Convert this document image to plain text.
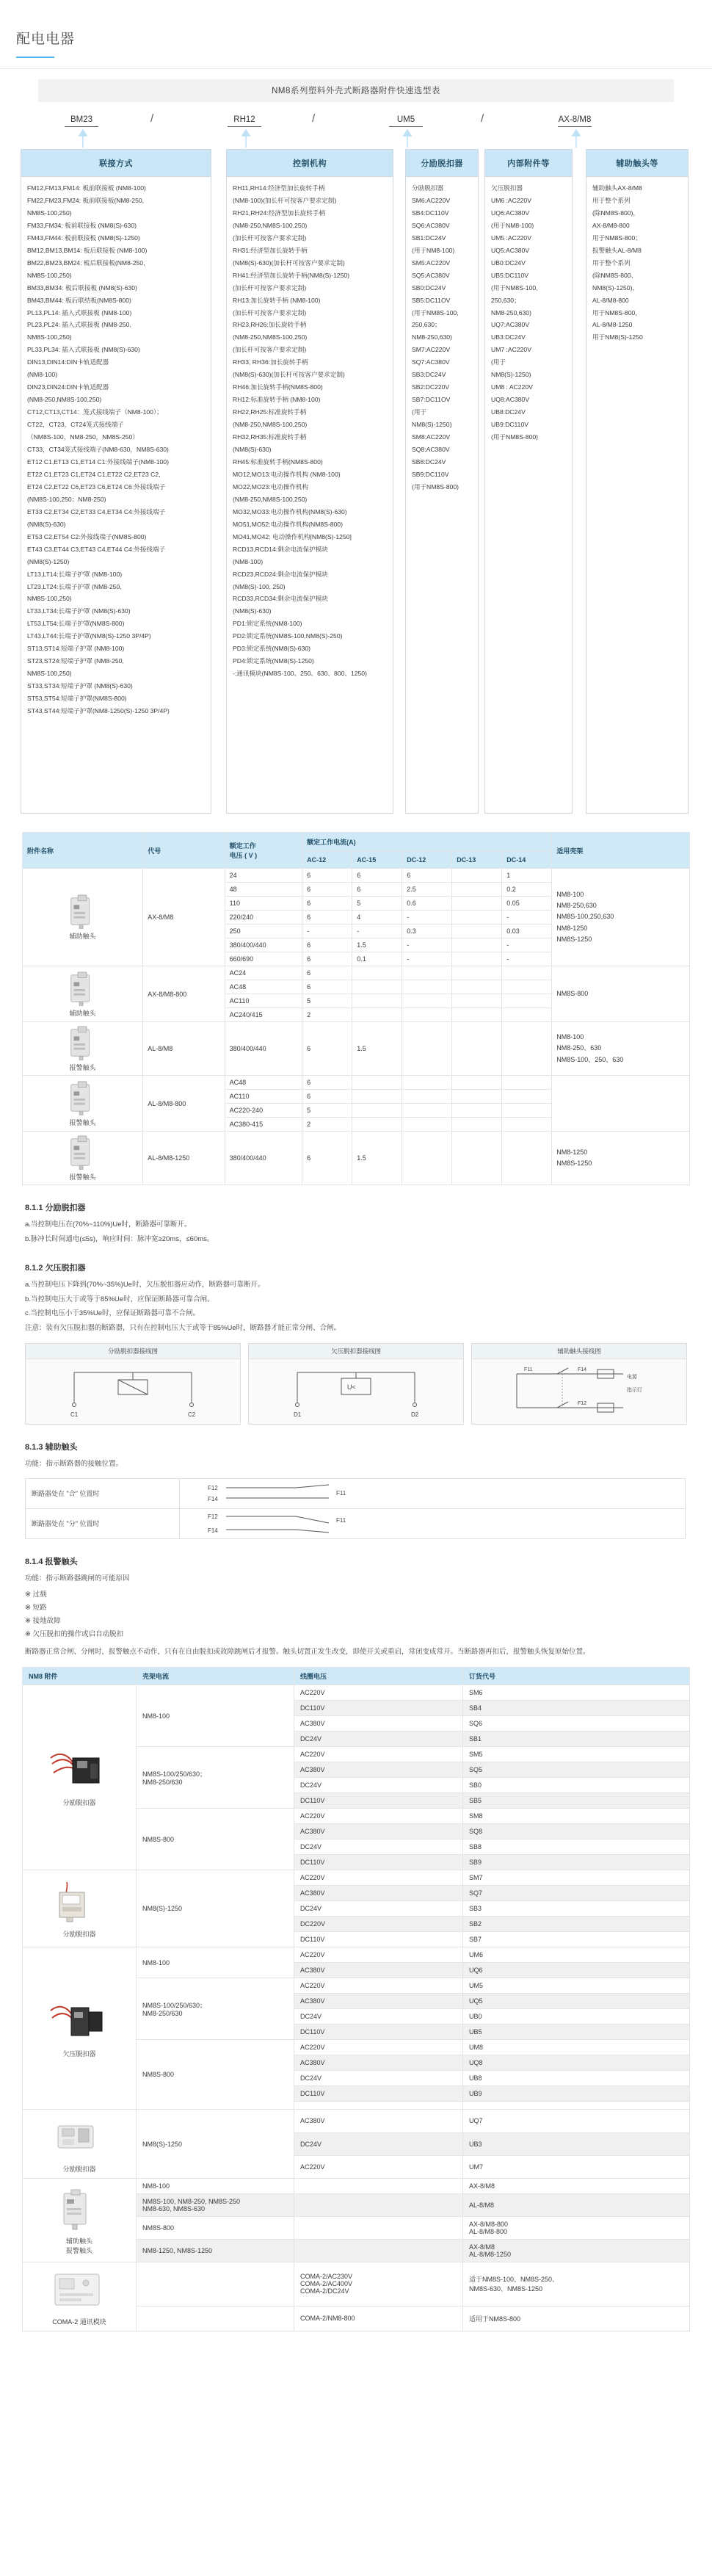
配电电器
NM8系列塑料外壳式断路器附件快速选型表
BM23	RH12	UM5	AX-8/M8
/	/	/
联接方式

FM12,FM13,FM14: 板前联接板 (NM8-100)

FM22,FM23,FM24: 板前联接板(NM8-250,

NM8S-100,250)

FM33,FM34: 板前联接板 (NM8(S)-630)

FM43,FM44: 板前联接板 (NM8(S)-1250)

BM12,BM13,BM14: 板后联接板 (NM8-100)

BM22,BM23,BM24: 板后联接板(NM8-250,

NM8S-100,250)

BM33,BM34: 板后联接板 (NM8(S)-630)

BM43,BM44: 板后联结板(NM8S-800)

PL13,PL14: 插入式联接板 (NM8-100)

PL23,PL24: 插入式联接板 (NM8-250,

NM8S-100,250)

PL33,PL34: 插入式联接板 (NM8(S)-630)

DIN13,DIN14:DIN卡轨适配器

(NM8-100)

DIN23,DIN24:DIN卡轨适配器

(NM8-250,NM8S-100,250)

CT12,CT13,CT14：笼式接线端子（NM8-100）；

CT22，CT23，CT24笼式接线端子

（NM8S-100，NM8-250，NM8S-250）

CT33，CT34笼式接线端子(NM8-630，NM8S-630)

ET12 C1,ET13 C1,ET14 C1:外接线端子(NM8-100)

ET22 C1,ET23 C1,ET24 C1,ET22 C2,ET23 C2,

ET24 C2,ET22 C6,ET23 C6,ET24 C6:外接线端子

(NM8S-100,250；NM8-250)

ET33 C2,ET34 C2,ET33 C4,ET34 C4:外接线端子

(NM8(S)-630)

ET53 C2,ET54 C2:外接线端子(NM8S-800)

ET43 C3,ET44 C3,ET43 C4,ET44 C4:外接线端子

(NM8(S)-1250)

LT13,LT14:长端子护罩 (NM8-100)

LT23,LT24:长端子护罩 (NM8-250,

NM8S-100,250)

LT33,LT34:长端子护罩 (NM8(S)-630)

LT53,LT54:长端子护罩(NM8S-800)

LT43,LT44:长端子护罩(NM8(S)-1250 3P/4P)

ST13,ST14:短端子护罩 (NM8-100)

ST23,ST24:短端子护罩 (NM8-250,

NM8S-100,250)

ST33,ST34:短端子护罩 (NM8(S)-630)

ST53,ST54:短端子护罩(NM8S-800)

ST43,ST44:短端子护罩(NM8-1250(S)-1250 3P/4P)

控制机构

RH11,RH14:经济型加长旋转手柄

(NM8-100)(加长杆可按客户要求定制)

RH21,RH24:经济型加长旋转手柄

(NM8-250,NM8S-100,250)

(加长杆可按客户要求定制)

RH31:经济型加长旋转手柄

(NM8(S)-630)(加长杆可按客户要求定制)

RH41:经济型加长旋转手柄(NM8(S)-1250)

(加长杆可按客户要求定制)

RH13:加长旋转手柄 (NM8-100)

(加长杆可按客户要求定制)

RH23,RH26:加长旋转手柄

(NM8-250,NM8S-100,250)

(加长杆可按客户要求定制)

RH33, RH36:加长旋转手柄

(NM8(S)-630)(加长杆可按客户要求定制)

RH46:加长旋转手柄(NM8S-800)

RH12:标准旋转手柄 (NM8-100)

RH22,RH25:标准旋转手柄

(NM8-250,NM8S-100,250)

RH32,RH35:标准旋转手柄

(NM8(S)-630)

RH45:标准旋转手柄(NM8S-800)

MO12,MO13:电动操作机构 (NM8-100)

MO22,MO23:电动操作机构

(NM8-250,NM8S-100,250)

MO32,MO33:电动操作机构(NM8(S)-630)

MO51,MO52:电动操作机构(NM8S-800)

MO41,MO42: 电动操作机构[NM8(S)-1250]

RCD13,RCD14:剩余电流保护模块

(NM8-100)

RCD23,RCD24:剩余电流保护模块

(NM8(S)-100, 250)

RCD33,RCD34:剩余电流保护模块

(NM8(S)-630)

PD1:锁定系统(NM8-100)

PD2:锁定系统(NM8S-100,NM8(S)-250)

PD3:锁定系统(NM8(S)-630)

PD4:锁定系统(NM8(S)-1250)

-:通讯模块(NM8S-100、250、630、800、1250)

分励脱扣器

分励脱扣器

SM6:AC220V

SB4:DC110V

SQ6:AC380V

SB1:DC24V

(用于NM8-100)

SM5:AC220V

SQ5:AC380V

SB0:DC24V

SB5:DC11OV

(用于NM8S-100,

250,630；

NM8-250,630)

SM7:AC220V

SQ7:AC380V

SB3:DC24V

SB2:DC220V

SB7:DC11OV

(用于

NM8(S)-1250)

SM8:AC220V

SQ8:AC380V

SB8:DC24V

SB9:DC110V

(用于NM8S-800)

内部附件等

欠压脱扣器

UM6 :AC220V

UQ6:AC380V

(用于NM8-100)

UM5 :AC220V

UQ5:AC380V

UB0:DC24V

UB5:DC110V

(用于NM8S-100,

250,630；

NM8-250,630)

UQ7:AC380V

UB3:DC24V

UM7 :AC220V

(用于

NM8(S)-1250)

UM8 : AC220V

UQ8:AC380V

UB8:DC24V

UB9:DC110V

(用于NM8S-800)

辅助触头等

辅助触头AX-8/M8

用于整个系列

(除NM8S-800)，

AX-8/M8-800

用于NM8S-800；

报警触头AL-8/M8

用于整个系列

(除NM8S-800、

NM8(S)-1250)，

AL-8/M8-800

用于NM8S-800，

AL-8/M8-1250

用于NM8(S)-1250

附件名称	代号	额定工作
电压 ( V )	额定工作电流(A)					适用壳架
			AC-12	AC-15	DC-12	DC-13	DC-14	

辅助触头	AX-8/M8	24	6	6	6		1	NM8-100
NM8-250,630
NM8S-100,250,630
NM8-1250
NM8S-1250
		48	6	6	2.5		0.2	
		110	6	5	0.6		0.05	
		220/240	6	4	-		-	
		250	-	-	0.3		0.03	
		380/400/440	6	1.5	-		-	
		660/690	6	0.1	-		-	

辅助触头	AX-8/M8-800	AC24	6					NM8S-800
		AC48	6					
		AC110	5					
		AC240/415	2					

报警触头	AL-8/M8	380/400/440	6	1.5				NM8-100
NM8-250、630
NM8S-100、250、630

报警触头	AL-8/M8-800	AC48	6					
		AC110	6					
		AC220-240	5					
		AC380-415	2					

报警触头	AL-8/M8-1250	380/400/440	6	1.5				NM8-1250
NM8S-1250
8.1.1 分励脱扣器

a.当控制电压在(70%~110%)Ue时，断路器可靠断开。

b.脉冲长时间通电(≤5s)，响应时间：脉冲宽≥20ms，≤60ms。

8.1.2 欠压脱扣器

a.当控制电压下降到(70%~35%)Ue时，欠压脱扣器应动作，断路器可靠断开。

b.当控制电压大于或等于85%Ue时，应保证断路器可靠合闸。

c.当控制电压小于35%Ue时，应保证断路器可靠不合闸。

注意：装有欠压脱扣器的断路器，只有在控制电压大于或等于85%Ue时，断路器才能正常分闸、合闸。

分励脱扣器接线图
C1	C2
欠压脱扣器接线图
U<
D1	D2
辅助触头接线图
F11	F14
F12
电源
指示灯
8.1.3 辅助触头

功能：指示断路器的接触位置。

断路器处在 "合" 位置时	F12
F14
F11

断路器处在 "分" 位置时	F12
F14
F11
8.1.4 报警触头

功能：指示断路器跳闸的可能原因

※ 过载
※ 短路
※ 接地故障
※ 欠压脱扣的操作或启自动脱扣

断路器正常合闸、分闸时，报警触点不动作，只有在自由脱扣或故障跳闸后才报警。触头切置正发生改变，即使开关或重启，常闭变成常开。当断路器再扣后，报警触头恢复原始位置。

NM8 附件	壳架电流	线圈电压	订货代号

分励脱扣器	NM8-100	AC220V	SM6
		DC110V	SB4
		AC380V	SQ6
		DC24V	SB1
	NM8S-100/250/630；
NM8-250/630	AC220V	SM5
		AC380V	SQ5
		DC24V	SB0
		DC110V	SB5
	NM8S-800	AC220V	SM8
		AC380V	SQ8
		DC24V	SB8
		DC110V	SB9

分励脱扣器	NM8(S)-1250	AC220V	SM7
		AC380V	SQ7
		DC24V	SB3
		DC220V	SB2
		DC110V	SB7

欠压脱扣器	NM8-100	AC220V	UM6
		AC380V	UQ6
	NM8S-100/250/630；
NM8-250/630	AC220V	UM5
		AC380V	UQ5
		DC24V	UB0
		DC110V	UB5
	NM8S-800	AC220V	UM8
		AC380V	UQ8
		DC24V	UB8
		DC110V	UB9

分励脱扣器	NM8(S)-1250	AC380V	UQ7
		DC24V	UB3
		AC220V	UM7

辅助触头
报警触头	NM8-100		AX-8/M8
	NM8S-100, NM8-250, NM8S-250
NM8-630, NM8S-630		AL-8/M8
	NM8S-800		AX-8/M8-800
AL-8/M8-800
	NM8-1250, NM8S-1250		AX-8/M8
AL-8/M8-1250

COMA-2 通讯模块		COMA-2/AC230V
COMA-2/AC400V
COMA-2/DC24V	适于NM8S-100、NM8S-250、
NM8S-630、NM8S-1250
		COMA-2/NM8-800	适用于NM8S-800
